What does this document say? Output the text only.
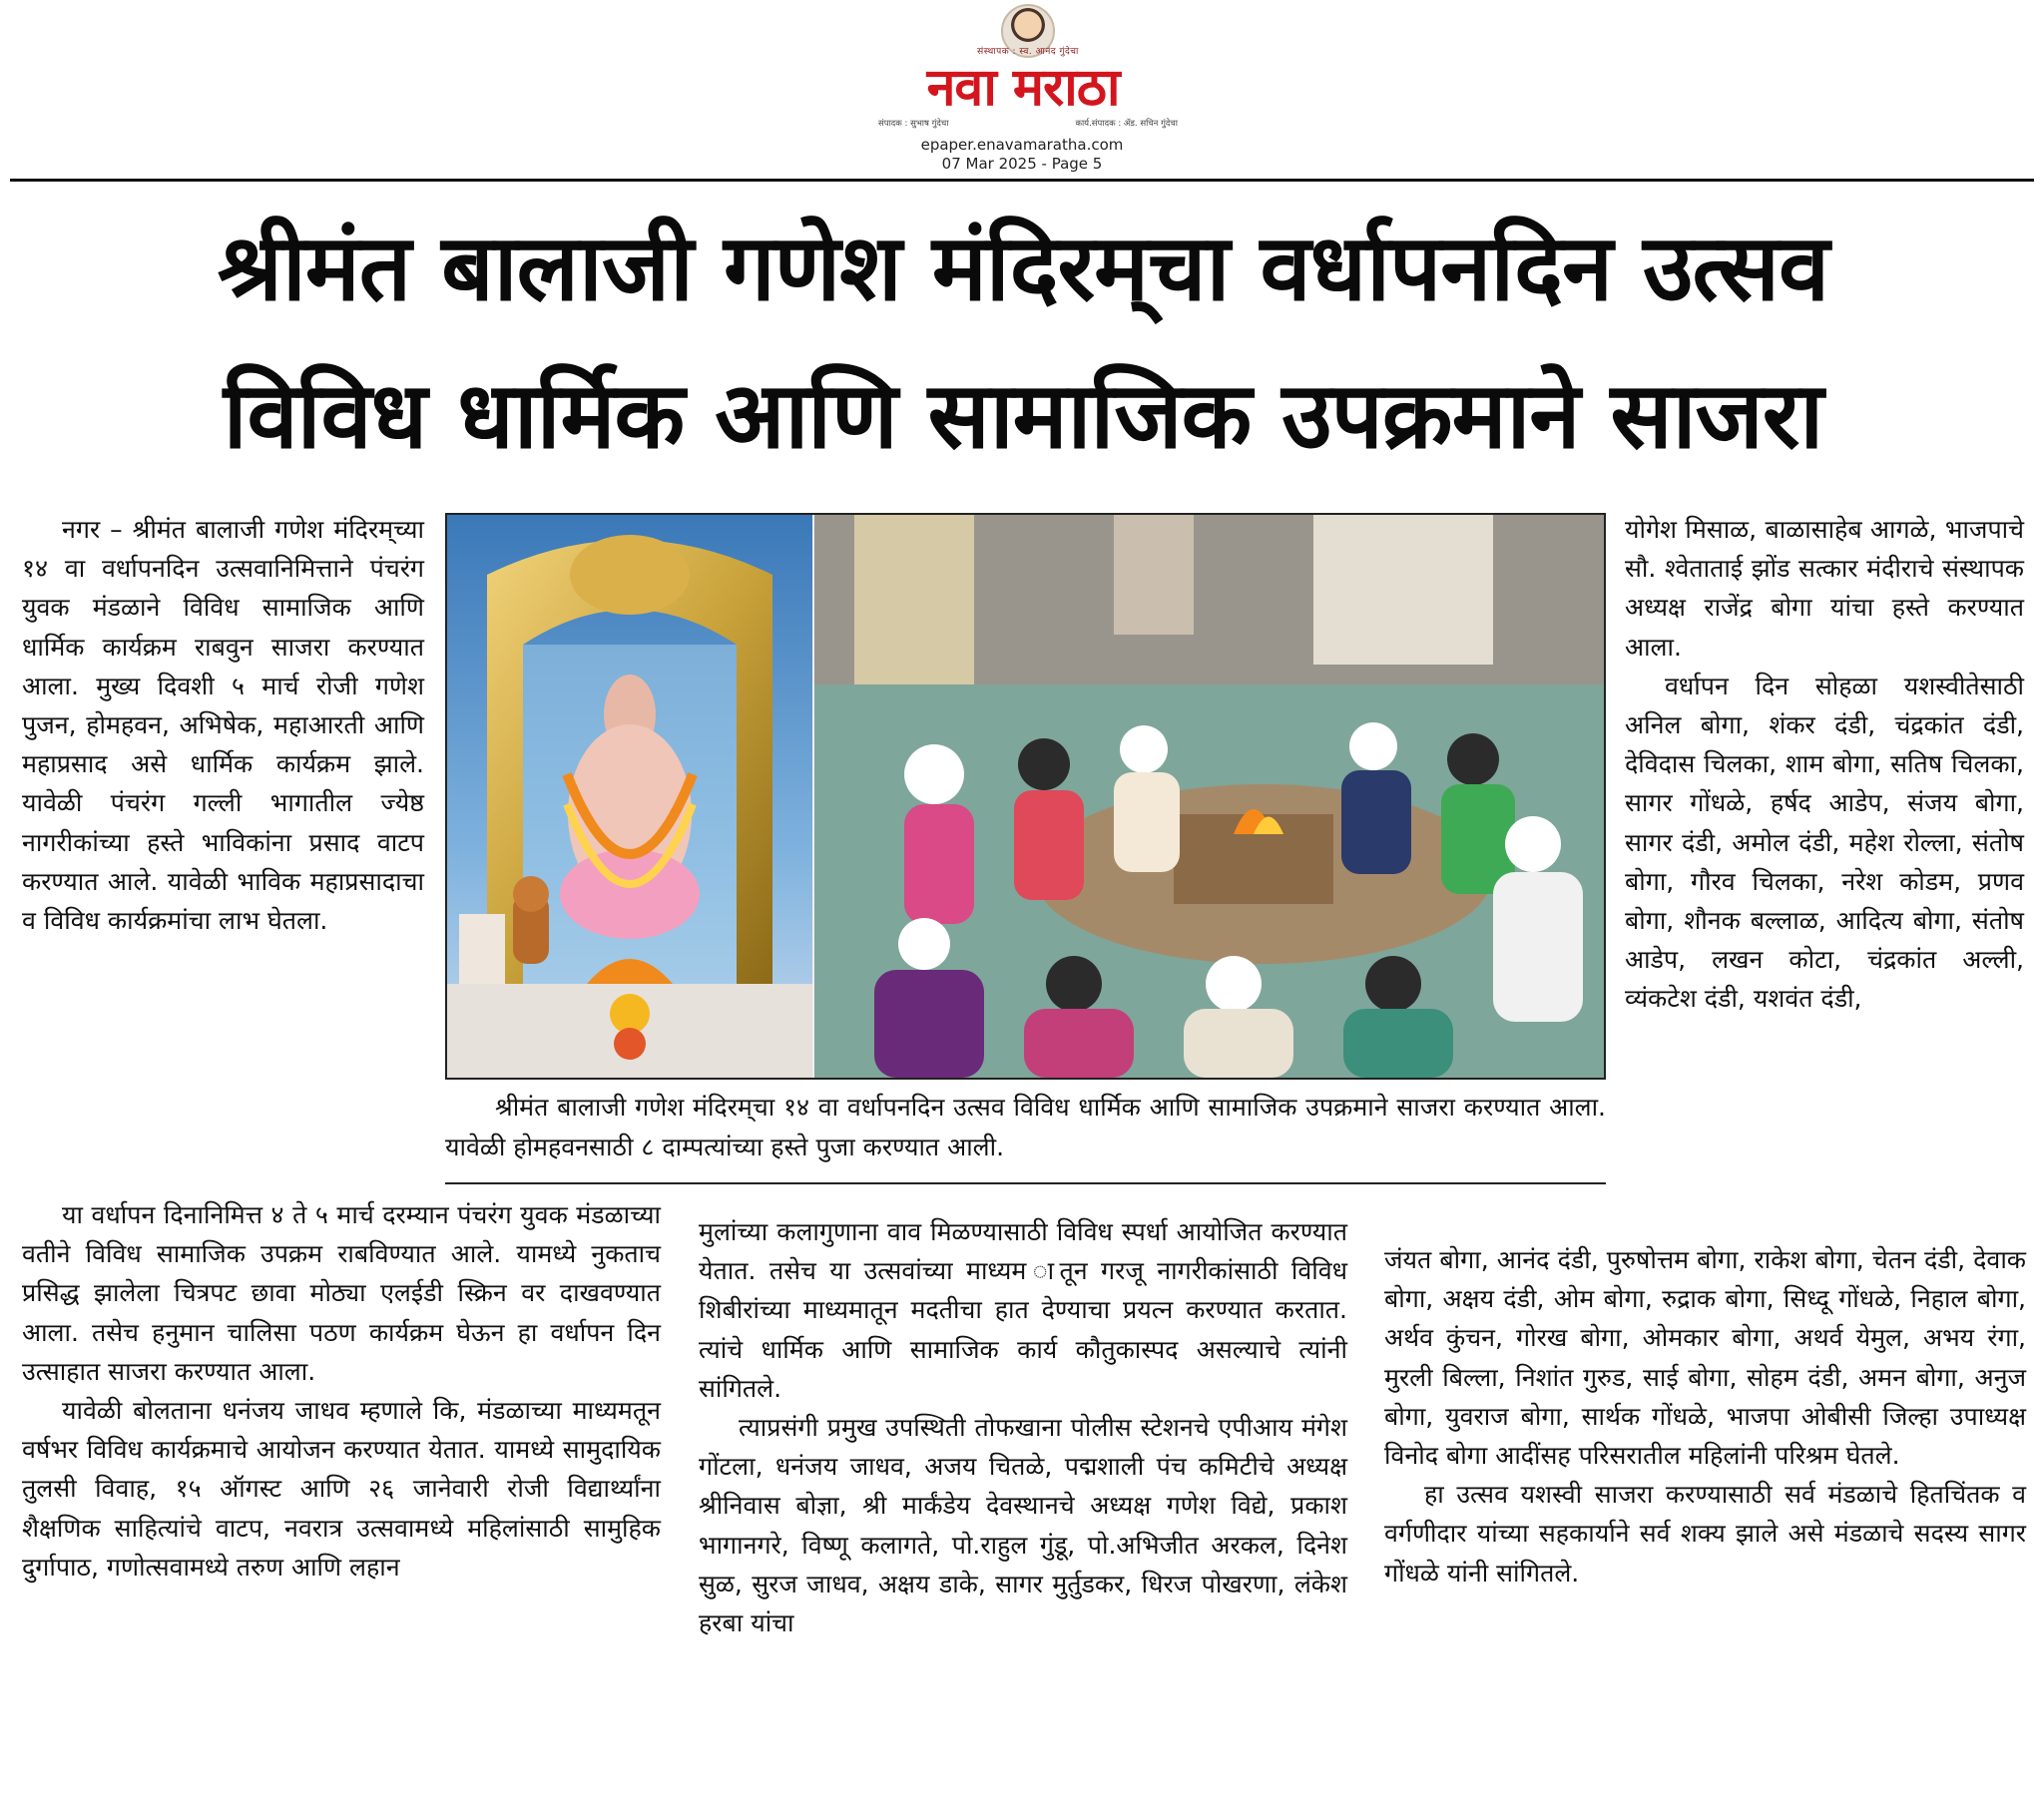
संस्थापक : स्व. आनंद गुंदेचा
नवा मराठा
संपादक : सुभाष गुंदेचा	कार्य.संपादक : ॲड. सचिन गुंदेचा
epaper.enavamaratha.com
07 Mar 2025 - Page 5
श्रीमंत बालाजी गणेश मंदिरम्‌चा वर्धापनदिन उत्सव
विविध धार्मिक आणि सामाजिक उपक्रमाने साजरा

नगर – श्रीमंत बालाजी गणेश मंदिरम्‌च्या १४ वा वर्धापनदिन उत्सवानिमित्ताने पंचरंग युवक मंडळाने विविध सामाजिक आणि धार्मिक कार्यक्रम राबवुन साजरा करण्यात आला. मुख्य दिवशी ५ मार्च रोजी गणेश पुजन, होमहवन, अभिषेक, महाआरती आणि महाप्रसाद असे धार्मिक कार्यक्रम झाले. यावेळी पंचरंग गल्ली भागातील ज्येष्ठ नागरीकांच्या हस्ते भाविकांना प्रसाद वाटप करण्यात आले. यावेळी भाविक महाप्रसादाचा व विविध कार्यक्रमांचा लाभ घेतला.

श्रीमंत बालाजी गणेश मंदिरम्‌चा १४ वा वर्धापनदिन उत्सव विविध धार्मिक आणि सामाजिक उपक्रमाने साजरा करण्यात आला. यावेळी होमहवनसाठी ८ दाम्पत्यांच्या हस्ते पुजा करण्यात आली.

योगेश मिसाळ, बाळासाहेब आगळे, भाजपाचे सौ. श्वेताताई झोंड सत्कार मंदीराचे संस्थापक अध्यक्ष राजेंद्र बोगा यांचा हस्ते करण्यात आला.

वर्धापन दिन सोहळा यशस्वीतेसाठी अनिल बोगा, शंकर दंडी, चंद्रकांत दंडी, देविदास चिलका, शाम बोगा, सतिष चिलका, सागर गोंधळे, हर्षद आडेप, संजय बोगा, सागर दंडी, अमोल दंडी, महेश रोल्ला, संतोष बोगा, गौरव चिलका, नरेश कोडम, प्रणव बोगा, शौनक बल्लाळ, आदित्य बोगा, संतोष आडेप, लखन कोटा, चंद्रकांत अल्ली, व्यंकटेश दंडी, यशवंत दंडी,

या वर्धापन दिनानिमित्त ४ ते ५ मार्च दरम्यान पंचरंग युवक मंडळाच्या वतीने विविध सामाजिक उपक्रम राबविण्यात आले. यामध्ये नुकताच प्रसिद्ध झालेला चित्रपट छावा मोठ्या एलईडी स्क्रिन वर दाखवण्यात आला. तसेच हनुमान चालिसा पठण कार्यक्रम घेऊन हा वर्धापन दिन उत्साहात साजरा करण्यात आला.

यावेळी बोलताना धनंजय जाधव म्हणाले कि, मंडळाच्या माध्यमतून वर्षभर विविध कार्यक्रमाचे आयोजन करण्यात येतात. यामध्ये सामुदायिक तुलसी विवाह, १५ ऑगस्ट आणि २६ जानेवारी रोजी विद्यार्थ्यांना शैक्षणिक साहित्यांचे वाटप, नवरात्र उत्सवामध्ये महिलांसाठी सामुहिक दुर्गापाठ, गणोत्सवामध्ये तरुण आणि लहान

मुलांच्या कलागुणाना वाव मिळण्यासाठी विविध स्पर्धा आयोजित करण्यात येतात. तसेच या उत्सवांच्या माध्यम ातून गरजू नागरीकांसाठी विविध शिबीरांच्या माध्यमातून मदतीचा हात देण्याचा प्रयत्न करण्यात करतात. त्यांचे धार्मिक आणि सामाजिक कार्य कौतुकास्पद असल्याचे त्यांनी सांगितले.

त्याप्रसंगी प्रमुख उपस्थिती तोफखाना पोलीस स्टेशनचे एपीआय मंगेश गोंटला, धनंजय जाधव, अजय चितळे, पद्मशाली पंच कमिटीचे अध्यक्ष श्रीनिवास बोज्ञा, श्री मार्कंडेय देवस्थानचे अध्यक्ष गणेश विद्ये, प्रकाश भागानगरे, विष्णू कलागते, पो.राहुल गुंडू, पो.अभिजीत अरकल, दिनेश सुळ, सुरज जाधव, अक्षय डाके, सागर मुर्तुडकर, धिरज पोखरणा, लंकेश हरबा यांचा

जंयत बोगा, आनंद दंडी, पुरुषोत्तम बोगा, राकेश बोगा, चेतन दंडी, देवाक बोगा, अक्षय दंडी, ओम बोगा, रुद्राक बोगा, सिध्दू गोंधळे, निहाल बोगा, अर्थव कुंचन, गोरख बोगा, ओमकार बोगा, अथर्व येमुल, अभय रंगा, मुरली बिल्ला, निशांत गुरुड, साई बोगा, सोहम दंडी, अमन बोगा, अनुज बोगा, युवराज बोगा, सार्थक गोंधळे, भाजपा ओबीसी जिल्हा उपाध्यक्ष विनोद बोगा आदींसह परिसरातील महिलांनी परिश्रम घेतले.

हा उत्सव यशस्वी साजरा करण्यासाठी सर्व मंडळाचे हितचिंतक व वर्गणीदार यांच्या सहकार्याने सर्व शक्य झाले असे मंडळाचे सदस्य सागर गोंधळे यांनी सांगितले.
